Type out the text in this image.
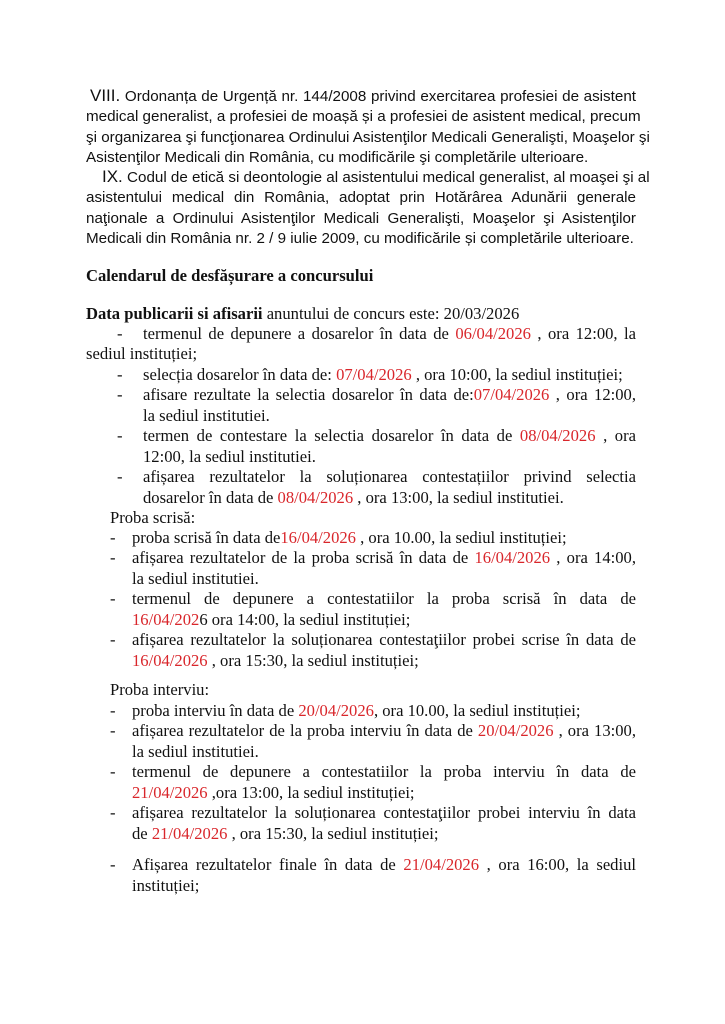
VIII. Ordonanța de Urgență nr. 144/2008 privind exercitarea profesiei de asistent
medical generalist, a profesiei de moașă și a profesiei de asistent medical, precum
şi organizarea şi funcţionarea Ordinului Asistenţilor Medicali Generalişti, Moaşelor şi
Asistenţilor Medicali din România, cu modificările şi completările ulterioare.
IX. Codul de etică si deontologie al asistentului medical generalist, al moaşei şi al
asistentului medical din România, adoptat prin Hotărârea Adunării generale
naţionale a Ordinului Asistenţilor Medicali Generalişti, Moaşelor şi Asistenţilor
Medicali din România nr. 2 / 9 iulie 2009, cu modificările și completările ulterioare.
Calendarul de desfășurare a concursului
Data publicarii si afisarii anuntului de concurs este: 20/03/2026
- termenul de depunere a dosarelor în data de 06/04/2026 , ora 12:00, la
sediul instituției;
- selecția dosarelor în data de: 07/04/2026 , ora 10:00, la sediul instituției;
- afisare rezultate la selectia dosarelor în data de:07/04/2026 , ora 12:00,
la sediul institutiei.
- termen de contestare la selectia dosarelor în data de 08/04/2026 , ora
12:00, la sediul institutiei.
- afișarea rezultatelor la soluționarea contestațiilor privind selectia
dosarelor în data de 08/04/2026 , ora 13:00, la sediul institutiei.
Proba scrisă:
- proba scrisă în data de16/04/2026 , ora 10.00, la sediul instituției;
- afișarea rezultatelor de la proba scrisă în data de 16/04/2026 , ora 14:00,
la sediul institutiei.
- termenul de depunere a contestatiilor la proba scrisă în data de
16/04/2026 ora 14:00, la sediul instituției;
- afișarea rezultatelor la soluționarea contestaţiilor probei scrise în data de
16/04/2026 , ora 15:30, la sediul instituției;
Proba interviu:
- proba interviu în data de 20/04/2026, ora 10.00, la sediul instituției;
- afișarea rezultatelor de la proba interviu în data de 20/04/2026 , ora 13:00,
la sediul institutiei.
- termenul de depunere a contestatiilor la proba interviu în data de
21/04/2026 ,ora 13:00, la sediul instituției;
- afișarea rezultatelor la soluționarea contestaţiilor probei interviu în data
de 21/04/2026 , ora 15:30, la sediul instituției;
- Afișarea rezultatelor finale în data de 21/04/2026 , ora 16:00, la sediul
instituției;
